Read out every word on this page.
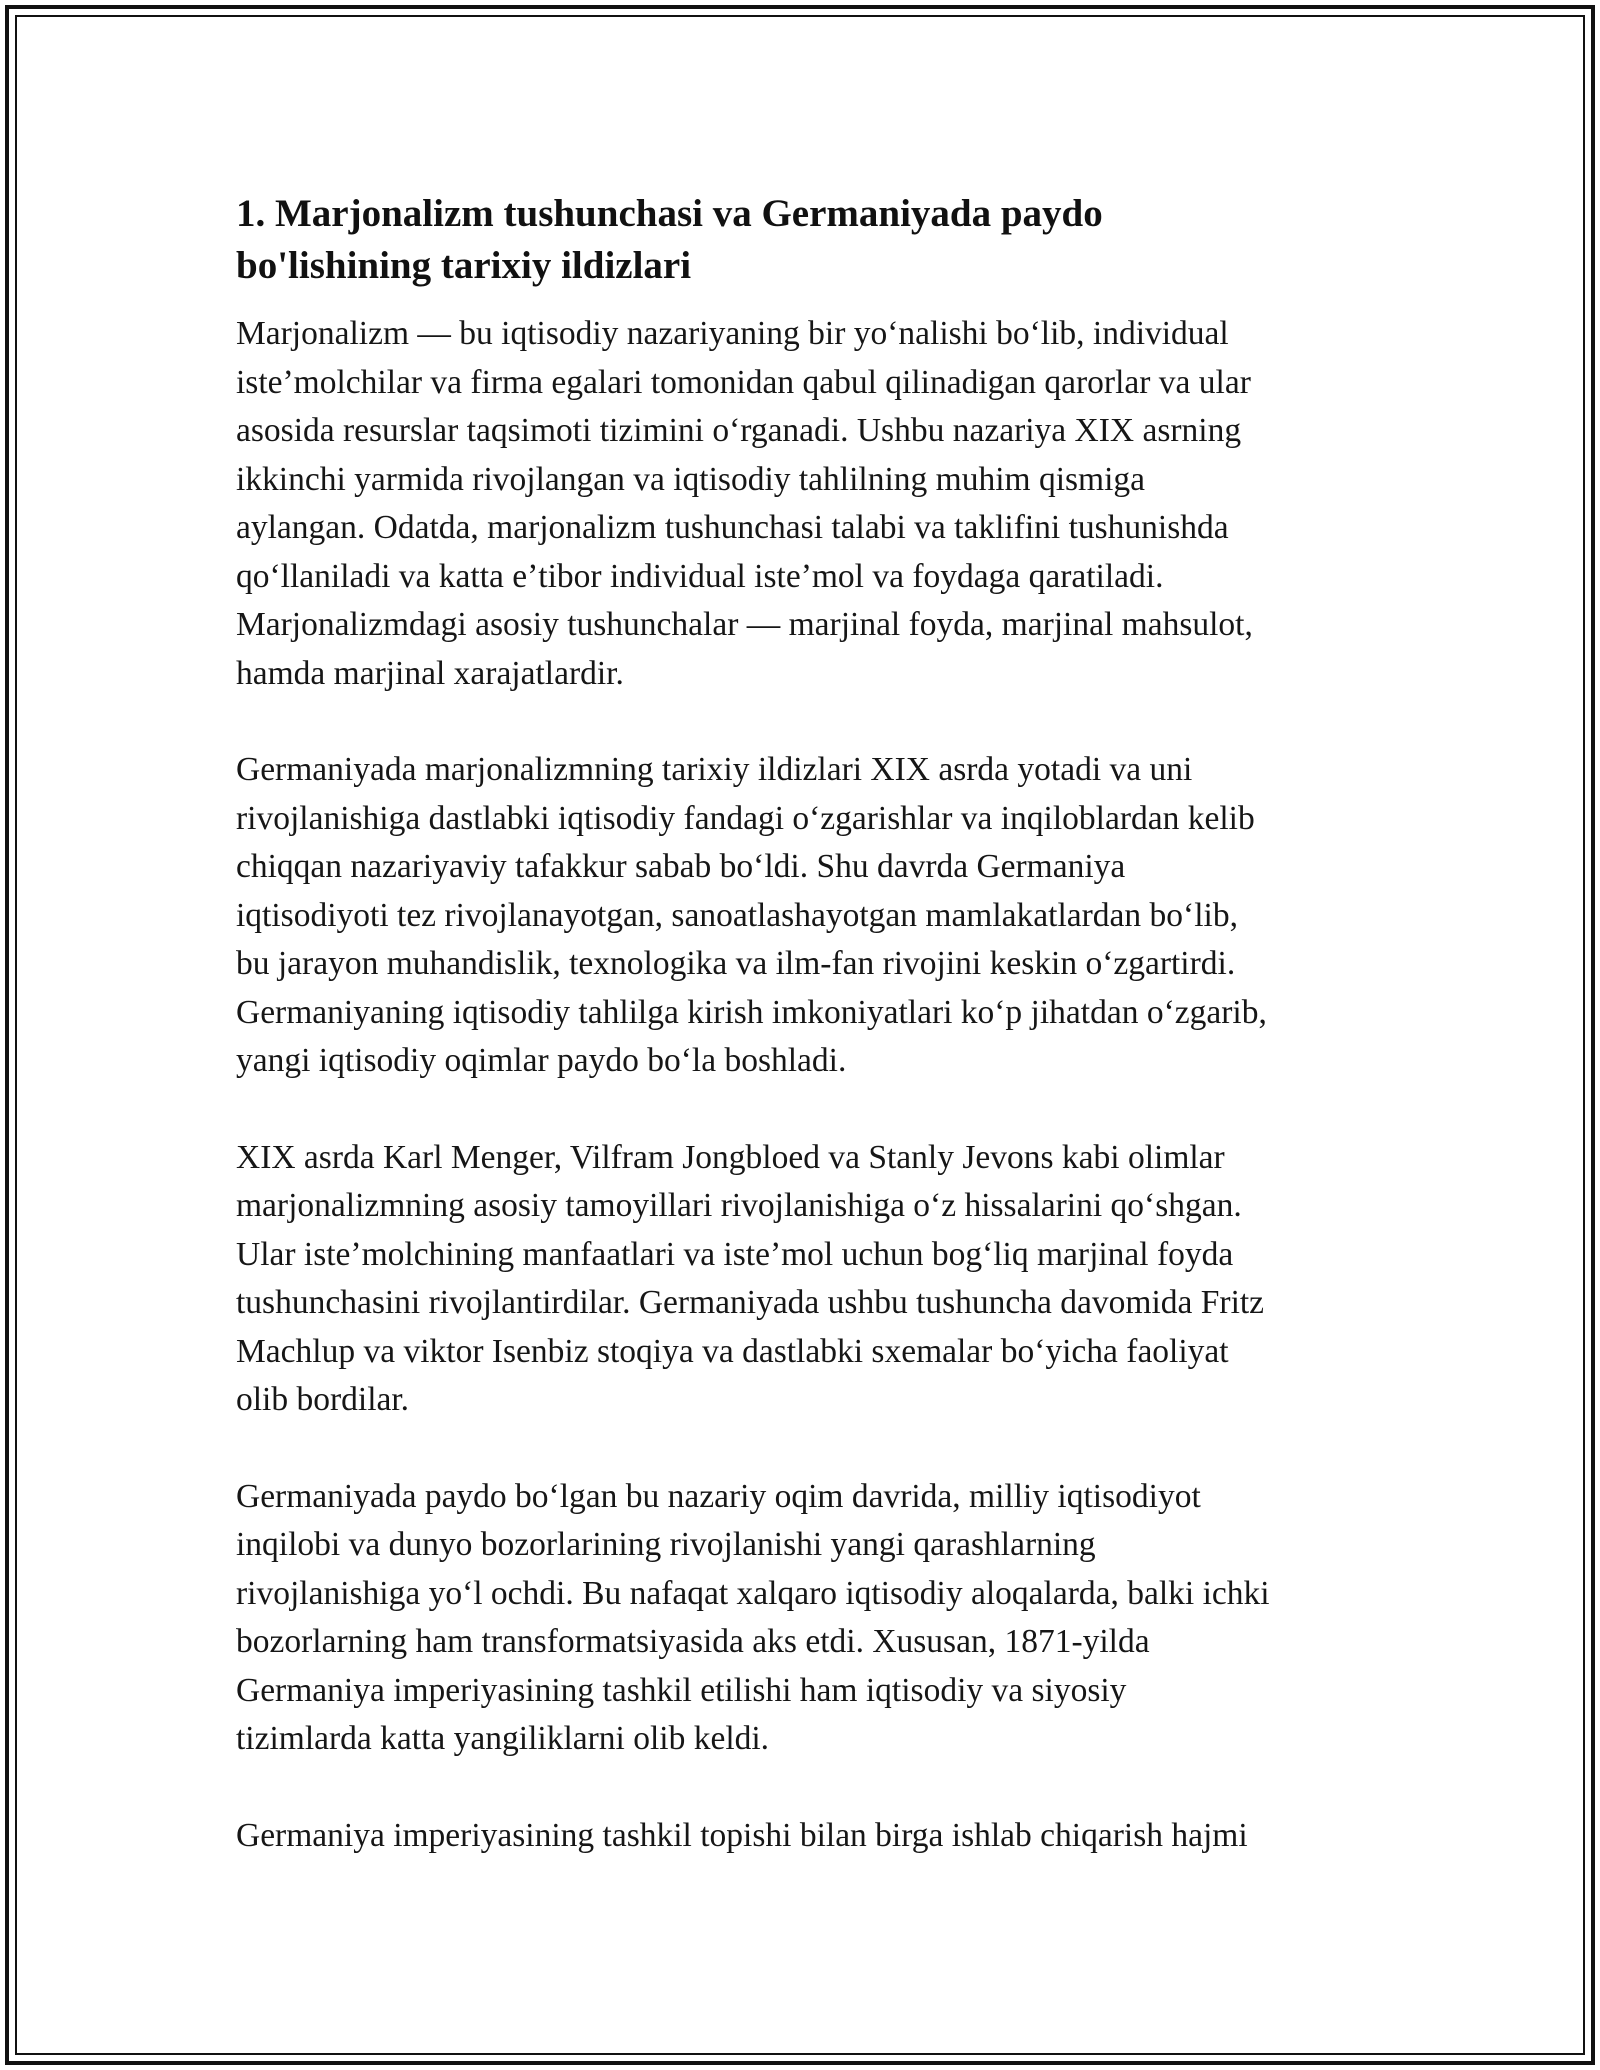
1. Marjonalizm tushunchasi va Germaniyada paydo
bo'lishining tarixiy ildizlari

Marjonalizm — bu iqtisodiy nazariyaning bir yoʻnalishi boʻlib, individual
isteʼmolchilar va firma egalari tomonidan qabul qilinadigan qarorlar va ular
asosida resurslar taqsimoti tizimini oʻrganadi. Ushbu nazariya XIX asrning
ikkinchi yarmida rivojlangan va iqtisodiy tahlilning muhim qismiga
aylangan. Odatda, marjonalizm tushunchasi talabi va taklifini tushunishda
qoʻllaniladi va katta eʼtibor individual isteʼmol va foydaga qaratiladi.
Marjonalizmdagi asosiy tushunchalar — marjinal foyda, marjinal mahsulot,
hamda marjinal xarajatlardir.

Germaniyada marjonalizmning tarixiy ildizlari XIX asrda yotadi va uni
rivojlanishiga dastlabki iqtisodiy fandagi oʻzgarishlar va inqiloblardan kelib
chiqqan nazariyaviy tafakkur sabab boʻldi. Shu davrda Germaniya
iqtisodiyoti tez rivojlanayotgan, sanoatlashayotgan mamlakatlardan boʻlib,
bu jarayon muhandislik, texnologika va ilm-fan rivojini keskin oʻzgartirdi.
Germaniyaning iqtisodiy tahlilga kirish imkoniyatlari koʻp jihatdan oʻzgarib,
yangi iqtisodiy oqimlar paydo boʻla boshladi.

XIX asrda Karl Menger, Vilfram Jongbloed va Stanly Jevons kabi olimlar
marjonalizmning asosiy tamoyillari rivojlanishiga oʻz hissalarini qoʻshgan.
Ular isteʼmolchining manfaatlari va isteʼmol uchun bogʻliq marjinal foyda
tushunchasini rivojlantirdilar. Germaniyada ushbu tushuncha davomida Fritz
Machlup va viktor Isenbiz stoqiya va dastlabki sxemalar boʻyicha faoliyat
olib bordilar.

Germaniyada paydo boʻlgan bu nazariy oqim davrida, milliy iqtisodiyot
inqilobi va dunyo bozorlarining rivojlanishi yangi qarashlarning
rivojlanishiga yoʻl ochdi. Bu nafaqat xalqaro iqtisodiy aloqalarda, balki ichki
bozorlarning ham transformatsiyasida aks etdi. Xususan, 1871-yilda
Germaniya imperiyasining tashkil etilishi ham iqtisodiy va siyosiy
tizimlarda katta yangiliklarni olib keldi.

Germaniya imperiyasining tashkil topishi bilan birga ishlab chiqarish hajmi
